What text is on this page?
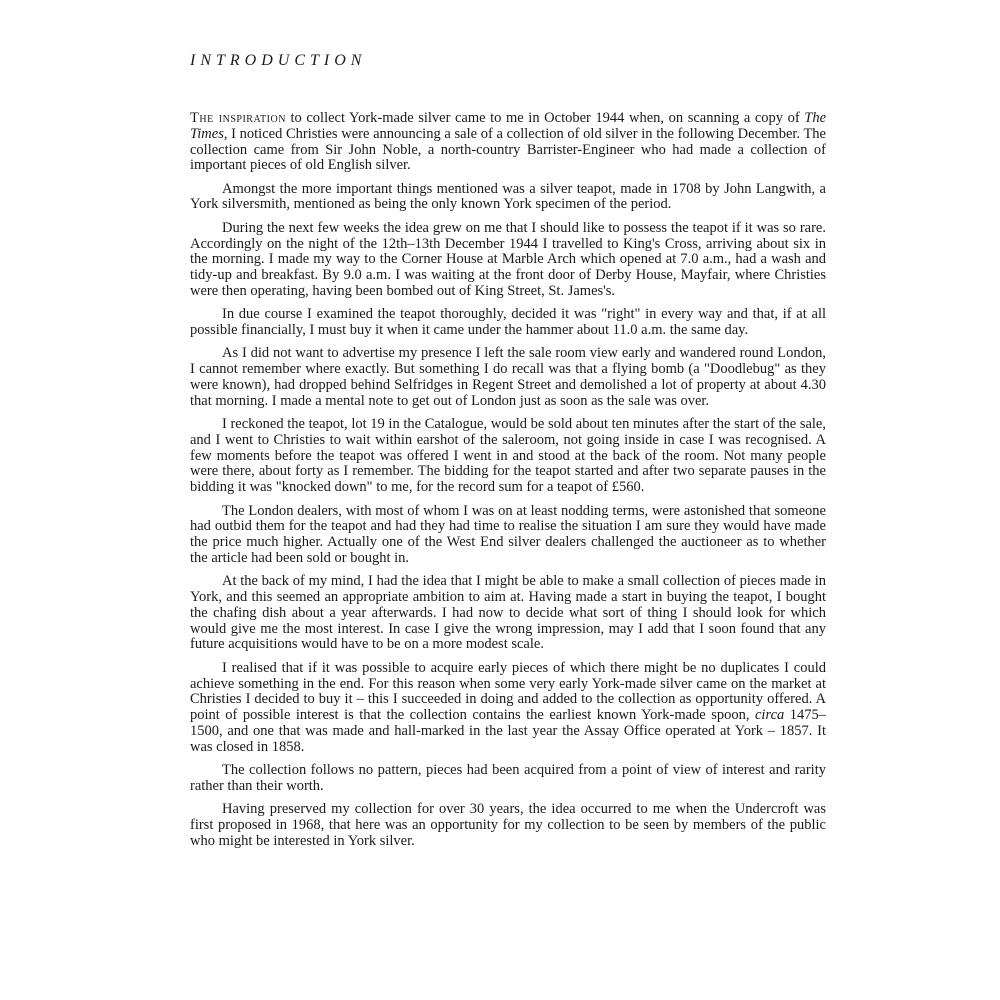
INTRODUCTION

The inspiration to collect York-made silver came to me in October 1944 when, on scanning a copy of The Times, I noticed Christies were announcing a sale of a collection of old silver in the following December. The collection came from Sir John Noble, a north-country Barrister-Engineer who had made a collection of important pieces of old English silver.

Amongst the more important things mentioned was a silver teapot, made in 1708 by John Langwith, a York silversmith, mentioned as being the only known York specimen of the period.

During the next few weeks the idea grew on me that I should like to possess the teapot if it was so rare. Accordingly on the night of the 12th–13th December 1944 I travelled to King's Cross, arriving about six in the morning. I made my way to the Corner House at Marble Arch which opened at 7.0 a.m., had a wash and tidy-up and breakfast. By 9.0 a.m. I was waiting at the front door of Derby House, Mayfair, where Christies were then operating, having been bombed out of King Street, St. James's.

In due course I examined the teapot thoroughly, decided it was "right" in every way and that, if at all possible financially, I must buy it when it came under the hammer about 11.0 a.m. the same day.

As I did not want to advertise my presence I left the sale room view early and wandered round London, I cannot remember where exactly. But something I do recall was that a flying bomb (a "Doodlebug" as they were known), had dropped behind Selfridges in Regent Street and demolished a lot of property at about 4.30 that morning. I made a mental note to get out of London just as soon as the sale was over.

I reckoned the teapot, lot 19 in the Catalogue, would be sold about ten minutes after the start of the sale, and I went to Christies to wait within earshot of the saleroom, not going inside in case I was recognised. A few moments before the teapot was offered I went in and stood at the back of the room. Not many people were there, about forty as I remember. The bidding for the teapot started and after two separate pauses in the bidding it was "knocked down" to me, for the record sum for a teapot of £560.

The London dealers, with most of whom I was on at least nodding terms, were astonished that someone had outbid them for the teapot and had they had time to realise the situation I am sure they would have made the price much higher. Actually one of the West End silver dealers challenged the auctioneer as to whether the article had been sold or bought in.

At the back of my mind, I had the idea that I might be able to make a small collection of pieces made in York, and this seemed an appropriate ambition to aim at. Having made a start in buying the teapot, I bought the chafing dish about a year afterwards. I had now to decide what sort of thing I should look for which would give me the most interest. In case I give the wrong impression, may I add that I soon found that any future acquisitions would have to be on a more modest scale.

I realised that if it was possible to acquire early pieces of which there might be no duplicates I could achieve something in the end. For this reason when some very early York-made silver came on the market at Christies I decided to buy it – this I succeeded in doing and added to the collection as opportunity offered. A point of possible interest is that the collection contains the earliest known York-made spoon, circa 1475–1500, and one that was made and hall-marked in the last year the Assay Office operated at York – 1857. It was closed in 1858.

The collection follows no pattern, pieces had been acquired from a point of view of interest and rarity rather than their worth.

Having preserved my collection for over 30 years, the idea occurred to me when the Undercroft was first proposed in 1968, that here was an opportunity for my collection to be seen by members of the public who might be interested in York silver.
